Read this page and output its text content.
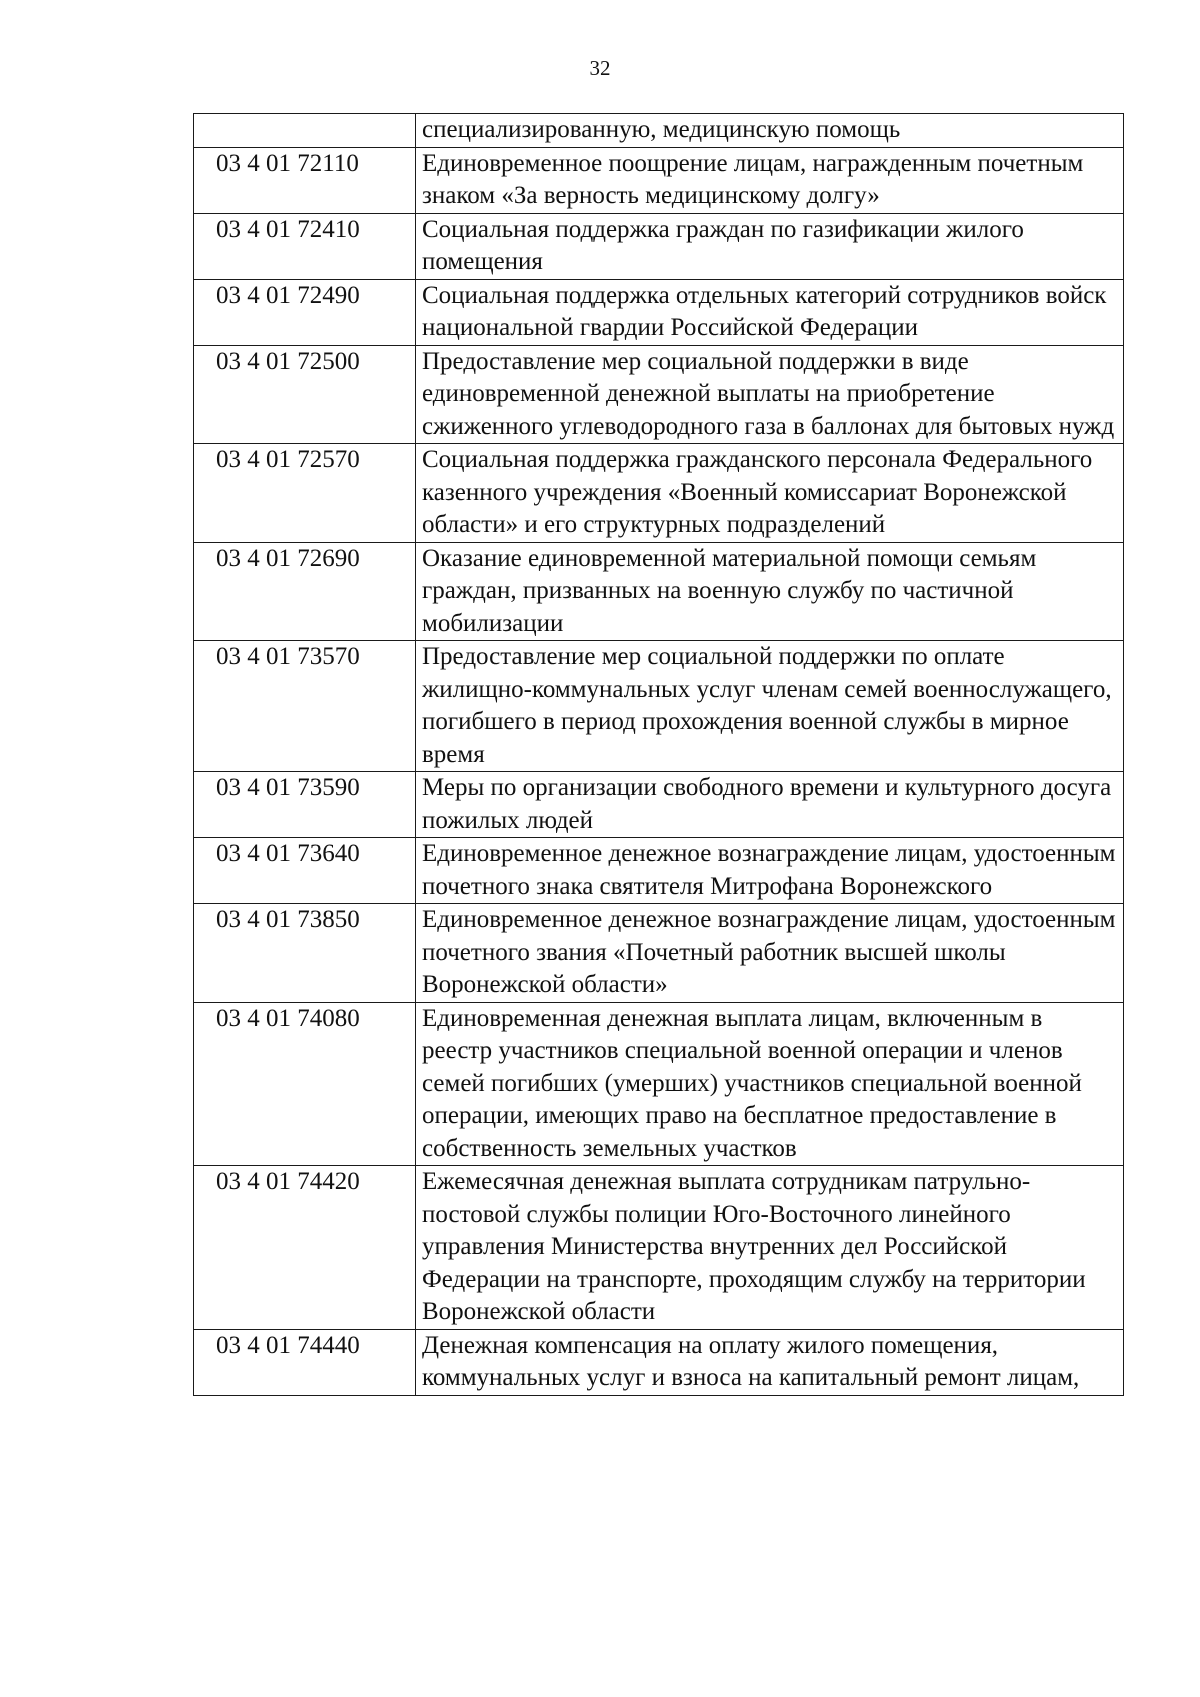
32
	специализированную, медицинскую помощь
03 4 01 72110	Единовременное поощрение лицам, награжденным почетным знаком «За верность медицинскому долгу»
03 4 01 72410	Социальная поддержка граждан по газификации жилого помещения
03 4 01 72490	Социальная поддержка отдельных категорий сотрудников войск национальной гвардии Российской Федерации
03 4 01 72500	Предоставление мер социальной поддержки в виде единовременной денежной выплаты на приобретение сжиженного углеводородного газа в баллонах для бытовых нужд
03 4 01 72570	Социальная поддержка гражданского персонала Федерального казенного учреждения «Военный комиссариат Воронежской области» и его структурных подразделений
03 4 01 72690	Оказание единовременной материальной помощи семьям граждан, призванных на военную службу по частичной мобилизации
03 4 01 73570	Предоставление мер социальной поддержки по оплате жилищно-коммунальных услуг членам семей военнослужащего, погибшего в период прохождения военной службы в мирное время
03 4 01 73590	Меры по организации свободного времени и культурного досуга пожилых людей
03 4 01 73640	Единовременное денежное вознаграждение лицам, удостоенным почетного знака святителя Митрофана Воронежского
03 4 01 73850	Единовременное денежное вознаграждение лицам, удостоенным почетного звания «Почетный работник высшей школы Воронежской области»
03 4 01 74080	Единовременная денежная выплата лицам, включенным в реестр участников специальной военной операции и членов семей погибших (умерших) участников специальной военной операции, имеющих право на бесплатное предоставление в собственность земельных участков
03 4 01 74420	Ежемесячная денежная выплата сотрудникам патрульно-постовой службы полиции Юго-Восточного линейного управления Министерства внутренних дел Российской Федерации на транспорте, проходящим службу на территории Воронежской области
03 4 01 74440	Денежная компенсация на оплату жилого помещения, коммунальных услуг и взноса на капитальный ремонт лицам,
